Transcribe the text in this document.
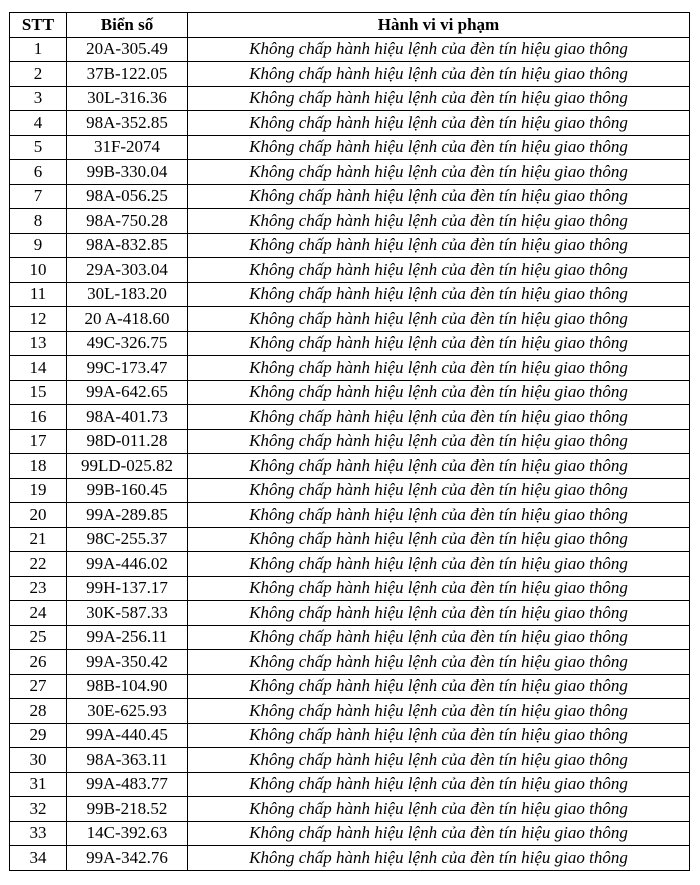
STT	Biển số	Hành vi vi phạm
1	20A-305.49	Không chấp hành hiệu lệnh của đèn tín hiệu giao thông
2	37B-122.05	Không chấp hành hiệu lệnh của đèn tín hiệu giao thông
3	30L-316.36	Không chấp hành hiệu lệnh của đèn tín hiệu giao thông
4	98A-352.85	Không chấp hành hiệu lệnh của đèn tín hiệu giao thông
5	31F-2074	Không chấp hành hiệu lệnh của đèn tín hiệu giao thông
6	99B-330.04	Không chấp hành hiệu lệnh của đèn tín hiệu giao thông
7	98A-056.25	Không chấp hành hiệu lệnh của đèn tín hiệu giao thông
8	98A-750.28	Không chấp hành hiệu lệnh của đèn tín hiệu giao thông
9	98A-832.85	Không chấp hành hiệu lệnh của đèn tín hiệu giao thông
10	29A-303.04	Không chấp hành hiệu lệnh của đèn tín hiệu giao thông
11	30L-183.20	Không chấp hành hiệu lệnh của đèn tín hiệu giao thông
12	20 A-418.60	Không chấp hành hiệu lệnh của đèn tín hiệu giao thông
13	49C-326.75	Không chấp hành hiệu lệnh của đèn tín hiệu giao thông
14	99C-173.47	Không chấp hành hiệu lệnh của đèn tín hiệu giao thông
15	99A-642.65	Không chấp hành hiệu lệnh của đèn tín hiệu giao thông
16	98A-401.73	Không chấp hành hiệu lệnh của đèn tín hiệu giao thông
17	98D-011.28	Không chấp hành hiệu lệnh của đèn tín hiệu giao thông
18	99LD-025.82	Không chấp hành hiệu lệnh của đèn tín hiệu giao thông
19	99B-160.45	Không chấp hành hiệu lệnh của đèn tín hiệu giao thông
20	99A-289.85	Không chấp hành hiệu lệnh của đèn tín hiệu giao thông
21	98C-255.37	Không chấp hành hiệu lệnh của đèn tín hiệu giao thông
22	99A-446.02	Không chấp hành hiệu lệnh của đèn tín hiệu giao thông
23	99H-137.17	Không chấp hành hiệu lệnh của đèn tín hiệu giao thông
24	30K-587.33	Không chấp hành hiệu lệnh của đèn tín hiệu giao thông
25	99A-256.11	Không chấp hành hiệu lệnh của đèn tín hiệu giao thông
26	99A-350.42	Không chấp hành hiệu lệnh của đèn tín hiệu giao thông
27	98B-104.90	Không chấp hành hiệu lệnh của đèn tín hiệu giao thông
28	30E-625.93	Không chấp hành hiệu lệnh của đèn tín hiệu giao thông
29	99A-440.45	Không chấp hành hiệu lệnh của đèn tín hiệu giao thông
30	98A-363.11	Không chấp hành hiệu lệnh của đèn tín hiệu giao thông
31	99A-483.77	Không chấp hành hiệu lệnh của đèn tín hiệu giao thông
32	99B-218.52	Không chấp hành hiệu lệnh của đèn tín hiệu giao thông
33	14C-392.63	Không chấp hành hiệu lệnh của đèn tín hiệu giao thông
34	99A-342.76	Không chấp hành hiệu lệnh của đèn tín hiệu giao thông
